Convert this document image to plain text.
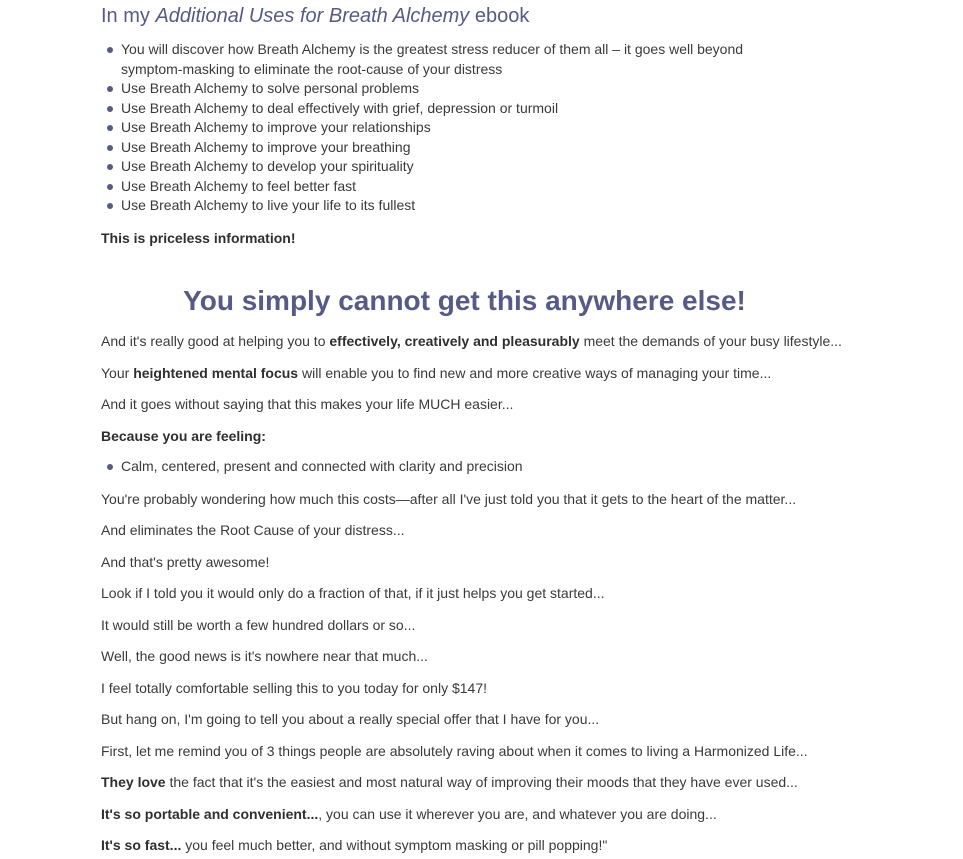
In my Additional Uses for Breath Alchemy ebook
You will discover how Breath Alchemy is the greatest stress reducer of them all – it goes well beyond symptom-masking to eliminate the root-cause of your distress
Use Breath Alchemy to solve personal problems
Use Breath Alchemy to deal effectively with grief, depression or turmoil
Use Breath Alchemy to improve your relationships
Use Breath Alchemy to improve your breathing
Use Breath Alchemy to develop your spirituality
Use Breath Alchemy to feel better fast
Use Breath Alchemy to live your life to its fullest

This is priceless information!

You simply cannot get this anywhere else!

And it's really good at helping you to effectively, creatively and pleasurably meet the demands of your busy lifestyle...

Your heightened mental focus will enable you to find new and more creative ways of managing your time...

And it goes without saying that this makes your life MUCH easier...

Because you are feeling:

Calm, centered, present and connected with clarity and precision

You're probably wondering how much this costs—after all I've just told you that it gets to the heart of the matter...

And eliminates the Root Cause of your distress...

And that's pretty awesome!

Look if I told you it would only do a fraction of that, if it just helps you get started...

It would still be worth a few hundred dollars or so...

Well, the good news is it's nowhere near that much...

I feel totally comfortable selling this to you today for only $147!

But hang on, I'm going to tell you about a really special offer that I have for you...

First, let me remind you of 3 things people are absolutely raving about when it comes to living a Harmonized Life...

They love the fact that it's the easiest and most natural way of improving their moods that they have ever used...

It's so portable and convenient..., you can use it wherever you are, and whatever you are doing...

It's so fast... you feel much better, and without symptom masking or pill popping!"
